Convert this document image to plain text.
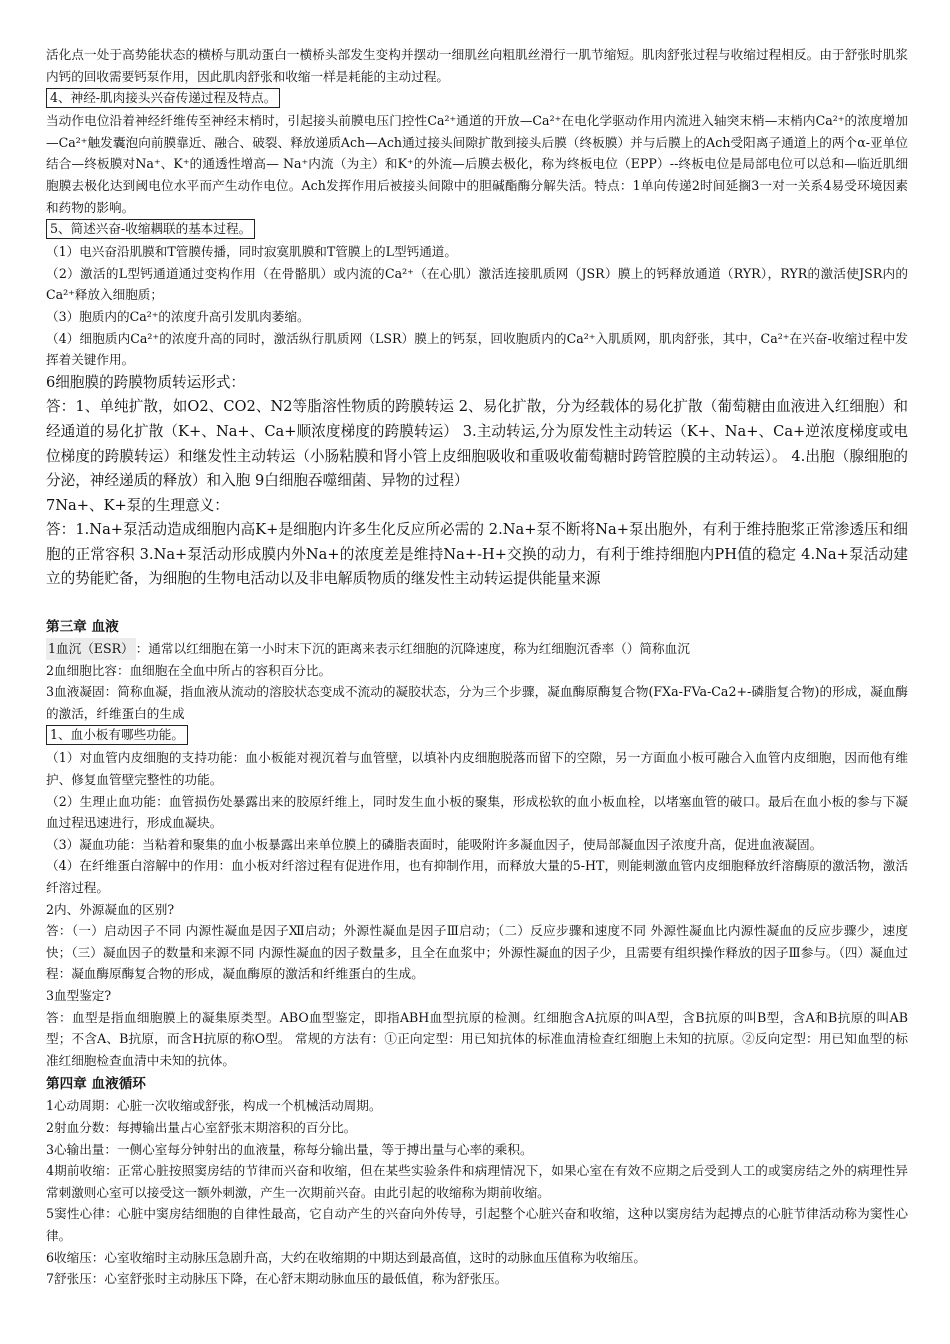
活化点一处于高势能状态的横桥与肌动蛋白一横桥头部发生变构并摆动一细肌丝向粗肌丝滑行一肌节缩短。肌肉舒张过程与收缩过程相反。由于舒张时肌浆内钙的回收需要钙泵作用，因此肌肉舒张和收缩一样是耗能的主动过程。

4、神经-肌肉接头兴奋传递过程及特点。

当动作电位沿着神经纤维传至神经末梢时，引起接头前膜电压门控性Ca²⁺通道的开放—Ca²⁺在电化学驱动作用内流进入轴突末梢—末梢内Ca²⁺的浓度增加—Ca²⁺触发囊泡向前膜靠近、融合、破裂、释放递质Ach—Ach通过接头间隙扩散到接头后膜（终板膜）并与后膜上的Ach受阳离子通道上的两个α-亚单位结合—终板膜对Na⁺、K⁺的通透性增高— Na⁺内流（为主）和K⁺的外流—后膜去极化，称为终板电位（EPP）--终板电位是局部电位可以总和—临近肌细胞膜去极化达到阈电位水平而产生动作电位。Ach发挥作用后被接头间隙中的胆碱酯酶分解失活。特点：1单向传递2时间延搁3一对一关系4易受环境因素和药物的影响。

5、简述兴奋-收缩耦联的基本过程。

（1）电兴奋沿肌膜和T管膜传播，同时寂寞肌膜和T管膜上的L型钙通道。

（2）激活的L型钙通道通过变构作用（在骨骼肌）或内流的Ca²⁺（在心肌）激活连接肌质网（JSR）膜上的钙释放通道（RYR），RYR的激活使JSR内的Ca²⁺释放入细胞质；

（3）胞质内的Ca²⁺的浓度升高引发肌肉萎缩。

（4）细胞质内Ca²⁺的浓度升高的同时，激活纵行肌质网（LSR）膜上的钙泵，回收胞质内的Ca²⁺入肌质网，肌肉舒张，其中，Ca²⁺在兴奋-收缩过程中发挥着关键作用。

6细胞膜的跨膜物质转运形式：

答：1、单纯扩散，如O2、CO2、N2等脂溶性物质的跨膜转运 2、易化扩散，分为经载体的易化扩散（葡萄糖由血液进入红细胞）和经通道的易化扩散（K+、Na+、Ca+顺浓度梯度的跨膜转运） 3.主动转运,分为原发性主动转运（K+、Na+、Ca+逆浓度梯度或电位梯度的跨膜转运）和继发性主动转运（小肠粘膜和肾小管上皮细胞吸收和重吸收葡萄糖时跨管腔膜的主动转运）。 4.出胞（腺细胞的分泌，神经递质的释放）和入胞 9白细胞吞噬细菌、异物的过程）

7Na+、K+泵的生理意义：

答：1.Na+泵活动造成细胞内高K+是细胞内许多生化反应所必需的 2.Na+泵不断将Na+泵出胞外，有利于维持胞浆正常渗透压和细胞的正常容积 3.Na+泵活动形成膜内外Na+的浓度差是维持Na+-H+交换的动力，有利于维持细胞内PH值的稳定 4.Na+泵活动建立的势能贮备，为细胞的生物电活动以及非电解质物质的继发性主动转运提供能量来源

第三章 血液

1血沉（ESR） ：通常以红细胞在第一小时末下沉的距离来表示红细胞的沉降速度，称为红细胞沉香率（）简称血沉

2血细胞比容：血细胞在全血中所占的容积百分比。

3血液凝固：简称血凝，指血液从流动的溶胶状态变成不流动的凝胶状态，分为三个步骤，凝血酶原酶复合物(FXa-FVa-Ca2+-磷脂复合物)的形成，凝血酶的激活，纤维蛋白的生成

1、血小板有哪些功能。

（1）对血管内皮细胞的支持功能：血小板能对视沉着与血管壁，以填补内皮细胞脱落而留下的空隙，另一方面血小板可融合入血管内皮细胞，因而他有维护、修复血管壁完整性的功能。

（2）生理止血功能：血管损伤处暴露出来的胶原纤维上，同时发生血小板的聚集，形成松软的血小板血栓，以堵塞血管的破口。最后在血小板的参与下凝血过程迅速进行，形成血凝块。

（3）凝血功能：当粘着和聚集的血小板暴露出来单位膜上的磷脂表面时，能吸附许多凝血因子，使局部凝血因子浓度升高，促进血液凝固。

（4）在纤维蛋白溶解中的作用：血小板对纤溶过程有促进作用，也有抑制作用，而释放大量的5-HT，则能刺激血管内皮细胞释放纤溶酶原的激活物，激活纤溶过程。

2内、外源凝血的区别?

答：（一）启动因子不同 内源性凝血是因子Ⅻ启动；外源性凝血是因子Ⅲ启动；（二）反应步骤和速度不同 外源性凝血比内源性凝血的反应步骤少，速度快；（三）凝血因子的数量和来源不同 内源性凝血的因子数量多，且全在血浆中；外源性凝血的因子少，且需要有组织操作释放的因子Ⅲ参与。（四）凝血过程：凝血酶原酶复合物的形成，凝血酶原的激活和纤维蛋白的生成。

3血型鉴定?

答：血型是指血细胞膜上的凝集原类型。ABO血型鉴定，即指ABH血型抗原的检测。红细胞含A抗原的叫A型，含B抗原的叫B型，含A和B抗原的叫AB型；不含A、B抗原，而含H抗原的称O型。 常规的方法有：①正向定型：用已知抗体的标准血清检查红细胞上未知的抗原。②反向定型：用已知血型的标准红细胞检查血清中未知的抗体。

第四章 血液循环

1心动周期：心脏一次收缩或舒张，构成一个机械活动周期。

2射血分数：每搏输出量占心室舒张末期溶积的百分比。

3心输出量：一侧心室每分钟射出的血液量，称每分输出量，等于搏出量与心率的乘积。

4期前收缩：正常心脏按照窦房结的节律而兴奋和收缩，但在某些实验条件和病理情况下，如果心室在有效不应期之后受到人工的或窦房结之外的病理性异常刺激则心室可以接受这一额外刺激，产生一次期前兴奋。由此引起的收缩称为期前收缩。

5窦性心律：心脏中窦房结细胞的自律性最高，它自动产生的兴奋向外传导，引起整个心脏兴奋和收缩，这种以窦房结为起搏点的心脏节律活动称为窦性心律。

6收缩压：心室收缩时主动脉压急剧升高，大约在收缩期的中期达到最高值，这时的动脉血压值称为收缩压。

7舒张压：心室舒张时主动脉压下降，在心舒末期动脉血压的最低值，称为舒张压。
